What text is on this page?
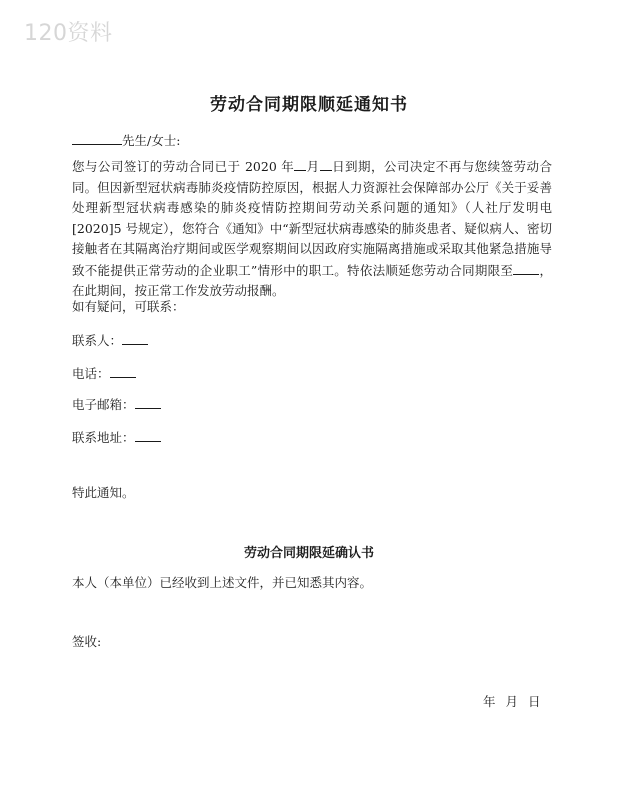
120资料
劳动合同期限顺延通知书
先生/女士:
您与公司签订的劳动合同已于 2020 年 月 日到期，公司决定不再与您续签劳动合同。但因新型冠状病毒肺炎疫情防控原因，根据人力资源社会保障部办公厅《关于妥善处理新型冠状病毒感染的肺炎疫情防控期间劳动关系问题的通知》（人社厅发明电[2020]5 号规定），您符合《通知》中“新型冠状病毒感染的肺炎患者、疑似病人、密切接触者在其隔离治疗期间或医学观察期间以因政府实施隔离措施或采取其他紧急措施导致不能提供正常劳动的企业职工”情形中的职工。特依法顺延您劳动合同期限至 ，在此期间，按正常工作发放劳动报酬。
如有疑问，可联系：
联系人：
电话：
电子邮箱：
联系地址：
特此通知。
劳动合同期限延确认书
本人（本单位）已经收到上述文件，并已知悉其内容。
签收:
年 月 日
